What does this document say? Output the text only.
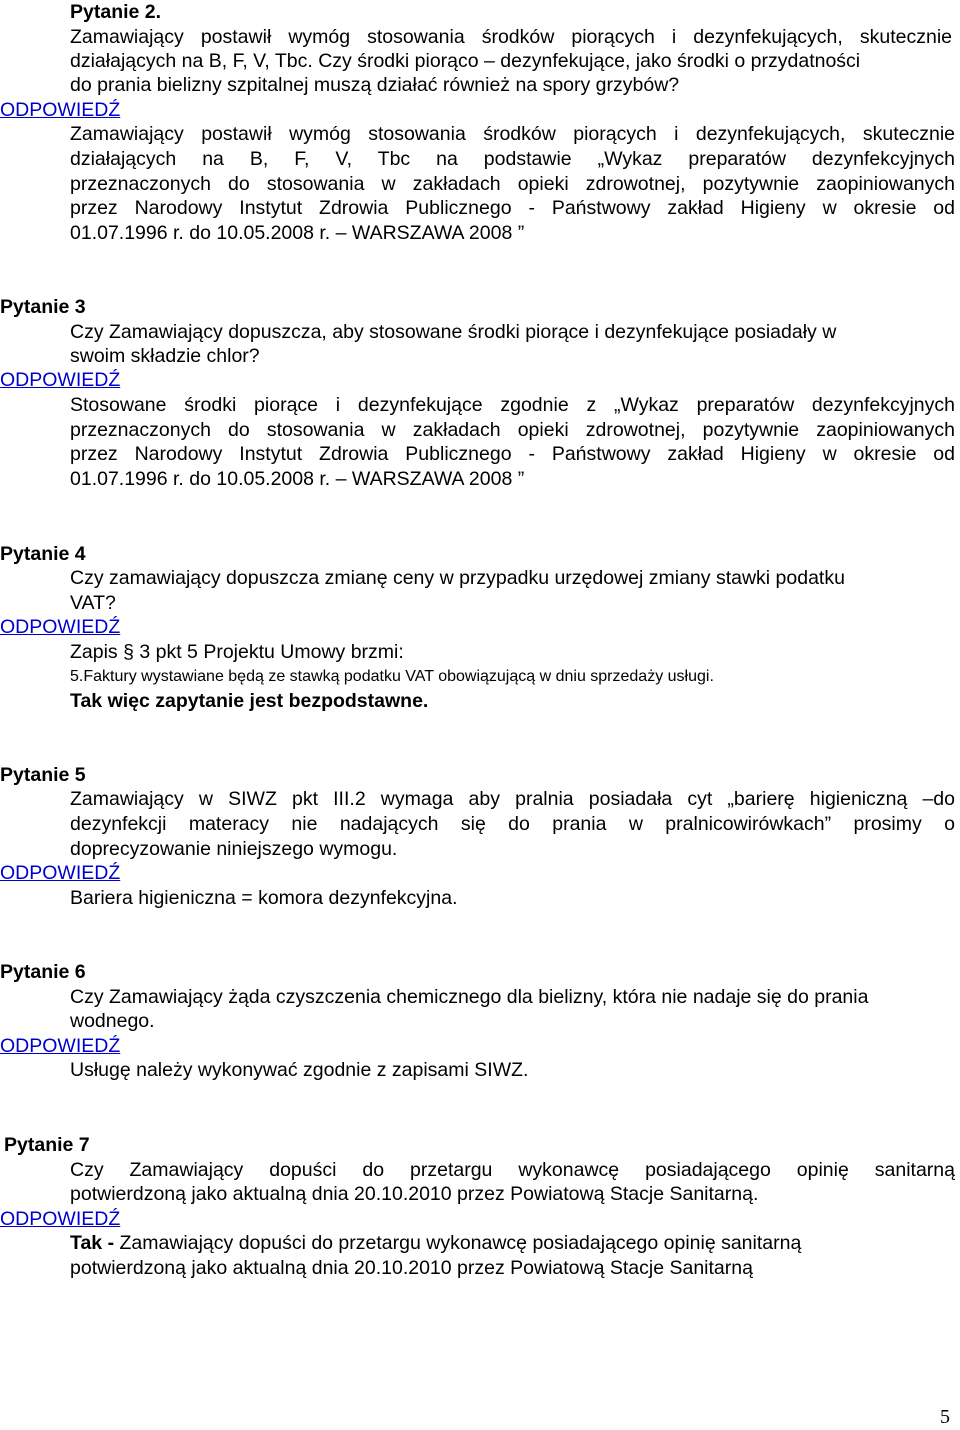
Pytanie 2.

Zamawiający postawił wymóg stosowania środków piorących i dezynfekujących, skutecznie

działających na B, F, V, Tbc. Czy środki piorąco – dezynfekujące, jako środki o przydatności

do prania bielizny szpitalnej muszą działać również na spory grzybów?

ODPOWIEDŹ

Zamawiający postawił wymóg stosowania środków piorących i dezynfekujących, skutecznie

działających na B, F, V, Tbc na podstawie „Wykaz preparatów dezynfekcyjnych

przeznaczonych do stosowania w zakładach opieki zdrowotnej, pozytywnie zaopiniowanych

przez Narodowy Instytut Zdrowia Publicznego - Państwowy zakład Higieny w okresie od

01.07.1996 r. do 10.05.2008 r. – WARSZAWA 2008 ”

Pytanie 3

Czy Zamawiający dopuszcza, aby stosowane środki piorące i dezynfekujące posiadały w

swoim składzie chlor?

ODPOWIEDŹ

Stosowane środki piorące i dezynfekujące zgodnie z „Wykaz preparatów dezynfekcyjnych

przeznaczonych do stosowania w zakładach opieki zdrowotnej, pozytywnie zaopiniowanych

przez Narodowy Instytut Zdrowia Publicznego - Państwowy zakład Higieny w okresie od

01.07.1996 r. do 10.05.2008 r. – WARSZAWA 2008 ”

Pytanie 4

Czy zamawiający dopuszcza zmianę ceny w przypadku urzędowej zmiany stawki podatku

VAT?

ODPOWIEDŹ

Zapis § 3 pkt 5 Projektu Umowy brzmi:

5.Faktury wystawiane będą ze stawką podatku VAT obowiązującą w dniu sprzedaży usługi.

Tak więc zapytanie jest bezpodstawne.

Pytanie 5

Zamawiający w SIWZ pkt III.2 wymaga aby pralnia posiadała cyt „barierę higieniczną –do

dezynfekcji materacy nie nadających się do prania w pralnicowirówkach” prosimy o

doprecyzowanie niniejszego wymogu.

ODPOWIEDŹ

Bariera higieniczna = komora dezynfekcyjna.

Pytanie 6

Czy Zamawiający żąda czyszczenia chemicznego dla bielizny, która nie nadaje się do prania

wodnego.

ODPOWIEDŹ

Usługę należy wykonywać zgodnie z zapisami SIWZ.

Pytanie 7

Czy Zamawiający dopuści do przetargu wykonawcę posiadającego opinię sanitarną

potwierdzoną jako aktualną dnia 20.10.2010 przez Powiatową Stacje Sanitarną.

ODPOWIEDŹ

Tak - Zamawiający dopuści do przetargu wykonawcę posiadającego opinię sanitarną

potwierdzoną jako aktualną dnia 20.10.2010 przez Powiatową Stacje Sanitarną

5
